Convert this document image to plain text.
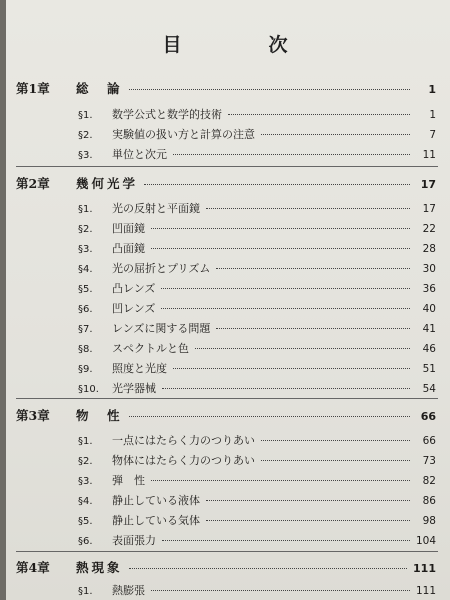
目　次
第1章	総　論	1
§1.	数学公式と数学的技術	1
§2.	実験値の扱い方と計算の注意	7
§3.	単位と次元	11
第2章	幾何光学	17
§1.	光の反射と平面鏡	17
§2.	凹面鏡	22
§3.	凸面鏡	28
§4.	光の屈折とプリズム	30
§5.	凸レンズ	36
§6.	凹レンズ	40
§7.	レンズに関する問題	41
§8.	スペクトルと色	46
§9.	照度と光度	51
§10.	光学器械	54
第3章	物　性	66
§1.	一点にはたらく力のつりあい	66
§2.	物体にはたらく力のつりあい	73
§3.	弾　性	82
§4.	静止している液体	86
§5.	静止している気体	98
§6.	表面張力	104
第4章	熱現象	111
§1.	熱膨張	111
